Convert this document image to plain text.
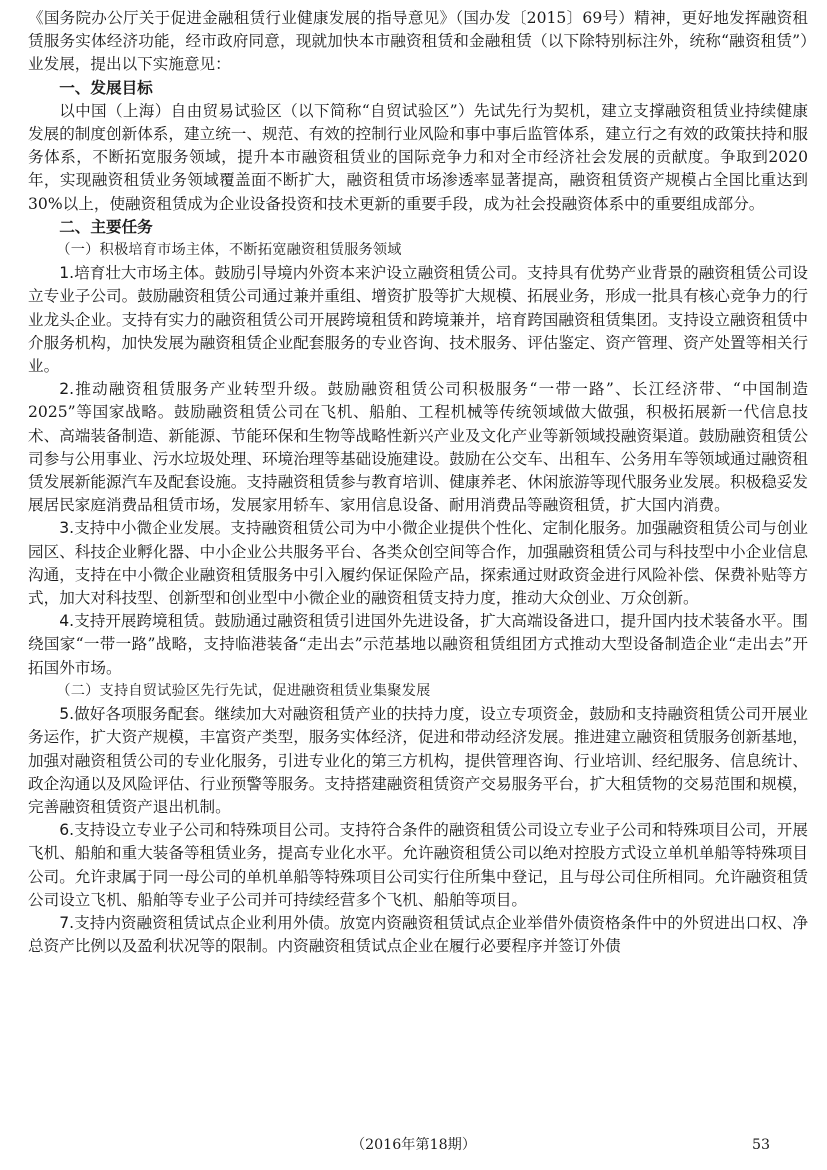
《国务院办公厅关于促进金融租赁行业健康发展的指导意见》（国办发〔2015〕69号）精神，更好地发挥融资租赁服务实体经济功能，经市政府同意，现就加快本市融资租赁和金融租赁（以下除特别标注外，统称“融资租赁”）业发展，提出以下实施意见：

一、发展目标

以中国（上海）自由贸易试验区（以下简称“自贸试验区”）先试先行为契机，建立支撑融资租赁业持续健康发展的制度创新体系，建立统一、规范、有效的控制行业风险和事中事后监管体系，建立行之有效的政策扶持和服务体系，不断拓宽服务领域，提升本市融资租赁业的国际竞争力和对全市经济社会发展的贡献度。争取到2020年，实现融资租赁业务领域覆盖面不断扩大，融资租赁市场渗透率显著提高，融资租赁资产规模占全国比重达到30%以上，使融资租赁成为企业设备投资和技术更新的重要手段，成为社会投融资体系中的重要组成部分。

二、主要任务
（一）积极培育市场主体，不断拓宽融资租赁服务领域

1.培育壮大市场主体。鼓励引导境内外资本来沪设立融资租赁公司。支持具有优势产业背景的融资租赁公司设立专业子公司。鼓励融资租赁公司通过兼并重组、增资扩股等扩大规模、拓展业务，形成一批具有核心竞争力的行业龙头企业。支持有实力的融资租赁公司开展跨境租赁和跨境兼并，培育跨国融资租赁集团。支持设立融资租赁中介服务机构，加快发展为融资租赁企业配套服务的专业咨询、技术服务、评估鉴定、资产管理、资产处置等相关行业。

2.推动融资租赁服务产业转型升级。鼓励融资租赁公司积极服务“一带一路”、长江经济带、“中国制造2025”等国家战略。鼓励融资租赁公司在飞机、船舶、工程机械等传统领域做大做强，积极拓展新一代信息技术、高端装备制造、新能源、节能环保和生物等战略性新兴产业及文化产业等新领域投融资渠道。鼓励融资租赁公司参与公用事业、污水垃圾处理、环境治理等基础设施建设。鼓励在公交车、出租车、公务用车等领域通过融资租赁发展新能源汽车及配套设施。支持融资租赁参与教育培训、健康养老、休闲旅游等现代服务业发展。积极稳妥发展居民家庭消费品租赁市场，发展家用轿车、家用信息设备、耐用消费品等融资租赁，扩大国内消费。

3.支持中小微企业发展。支持融资租赁公司为中小微企业提供个性化、定制化服务。加强融资租赁公司与创业园区、科技企业孵化器、中小企业公共服务平台、各类众创空间等合作，加强融资租赁公司与科技型中小企业信息沟通，支持在中小微企业融资租赁服务中引入履约保证保险产品，探索通过财政资金进行风险补偿、保费补贴等方式，加大对科技型、创新型和创业型中小微企业的融资租赁支持力度，推动大众创业、万众创新。

4.支持开展跨境租赁。鼓励通过融资租赁引进国外先进设备，扩大高端设备进口，提升国内技术装备水平。围绕国家“一带一路”战略，支持临港装备“走出去”示范基地以融资租赁组团方式推动大型设备制造企业“走出去”开拓国外市场。

（二）支持自贸试验区先行先试，促进融资租赁业集聚发展

5.做好各项服务配套。继续加大对融资租赁产业的扶持力度，设立专项资金，鼓励和支持融资租赁公司开展业务运作，扩大资产规模，丰富资产类型，服务实体经济，促进和带动经济发展。推进建立融资租赁服务创新基地，加强对融资租赁公司的专业化服务，引进专业化的第三方机构，提供管理咨询、行业培训、经纪服务、信息统计、政企沟通以及风险评估、行业预警等服务。支持搭建融资租赁资产交易服务平台，扩大租赁物的交易范围和规模，完善融资租赁资产退出机制。

6.支持设立专业子公司和特殊项目公司。支持符合条件的融资租赁公司设立专业子公司和特殊项目公司，开展飞机、船舶和重大装备等租赁业务，提高专业化水平。允许融资租赁公司以绝对控股方式设立单机单船等特殊项目公司。允许隶属于同一母公司的单机单船等特殊项目公司实行住所集中登记，且与母公司住所相同。允许融资租赁公司设立飞机、船舶等专业子公司并可持续经营多个飞机、船舶等项目。

7.支持内资融资租赁试点企业利用外债。放宽内资融资租赁试点企业举借外债资格条件中的外贸进出口权、净总资产比例以及盈利状况等的限制。内资融资租赁试点企业在履行必要程序并签订外债

（2016年第18期）	53
